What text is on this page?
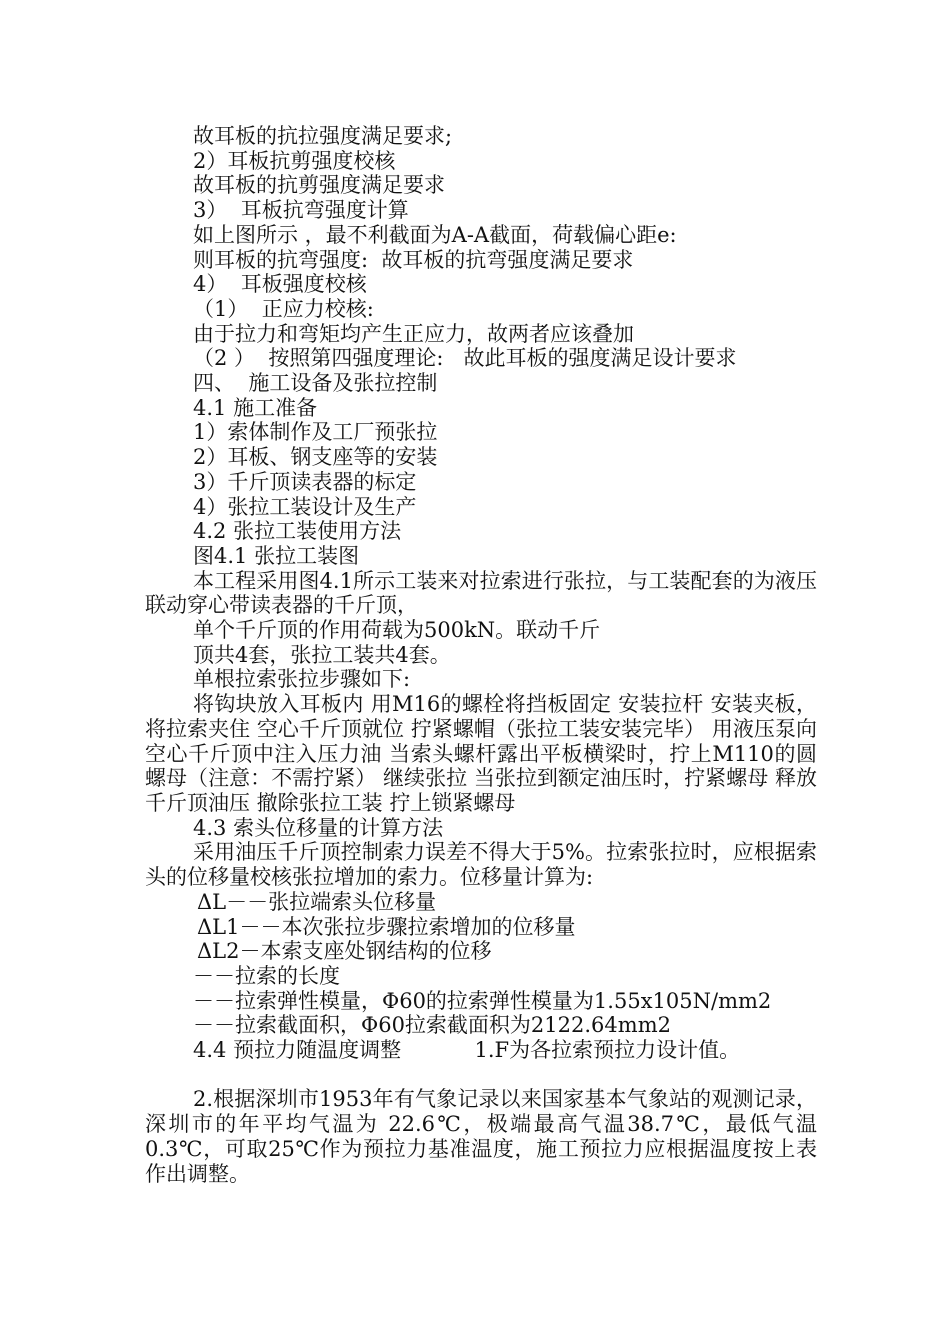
故耳板的抗拉强度满足要求;
2）耳板抗剪强度校核
故耳板的抗剪强度满足要求
3）  耳板抗弯强度计算
如上图所示 ，最不利截面为A-A截面，荷载偏心距e:
则耳板的抗弯强度:  故耳板的抗弯强度满足要求
4）  耳板强度校核
（1）  正应力校核:
由于拉力和弯矩均产生正应力，故两者应该叠加
（2 ）  按照第四强度理论:   故此耳板的强度满足设计要求
四、  施工设备及张拉控制
4.1 施工准备
1）索体制作及工厂预张拉
2）耳板、钢支座等的安装
3）千斤顶读表器的标定
4）张拉工装设计及生产
4.2 张拉工装使用方法
图4.1 张拉工装图

本工程采用图4.1所示工装来对拉索进行张拉，与工装配套的为液压联动穿心带读表器的千斤顶，

单个千斤顶的作用荷载为500kN。联动千斤
顶共4套，张拉工装共4套。
单根拉索张拉步骤如下:

将钩块放入耳板内 用M16的螺栓将挡板固定 安装拉杆 安装夹板，将拉索夹住 空心千斤顶就位 拧紧螺帽（张拉工装安装完毕） 用液压泵向空心千斤顶中注入压力油 当索头螺杆露出平板横梁时，拧上M110的圆螺母（注意：不需拧紧） 继续张拉 当张拉到额定油压时，拧紧螺母 释放千斤顶油压 撤除张拉工装 拧上锁紧螺母

4.3 索头位移量的计算方法

采用油压千斤顶控制索力误差不得大于5%。拉索张拉时，应根据索头的位移量校核张拉增加的索力。位移量计算为:

ΔL－－张拉端索头位移量
ΔL1－－本次张拉步骤拉索增加的位移量
ΔL2－本索支座处钢结构的位移
－－拉索的长度
－－拉索弹性模量，Φ60的拉索弹性模量为1.55x105N/mm2
－－拉索截面积，Φ60拉索截面积为2122.64mm2
4.4 预拉力随温度调整           1.F为各拉索预拉力设计值。

2.根据深圳市1953年有气象记录以来国家基本气象站的观测记录，深圳市的年平均气温为 22.6℃，极端最高气温38.7℃，最低气温0.3℃，可取25℃作为预拉力基准温度，施工预拉力应根据温度按上表作出调整。
